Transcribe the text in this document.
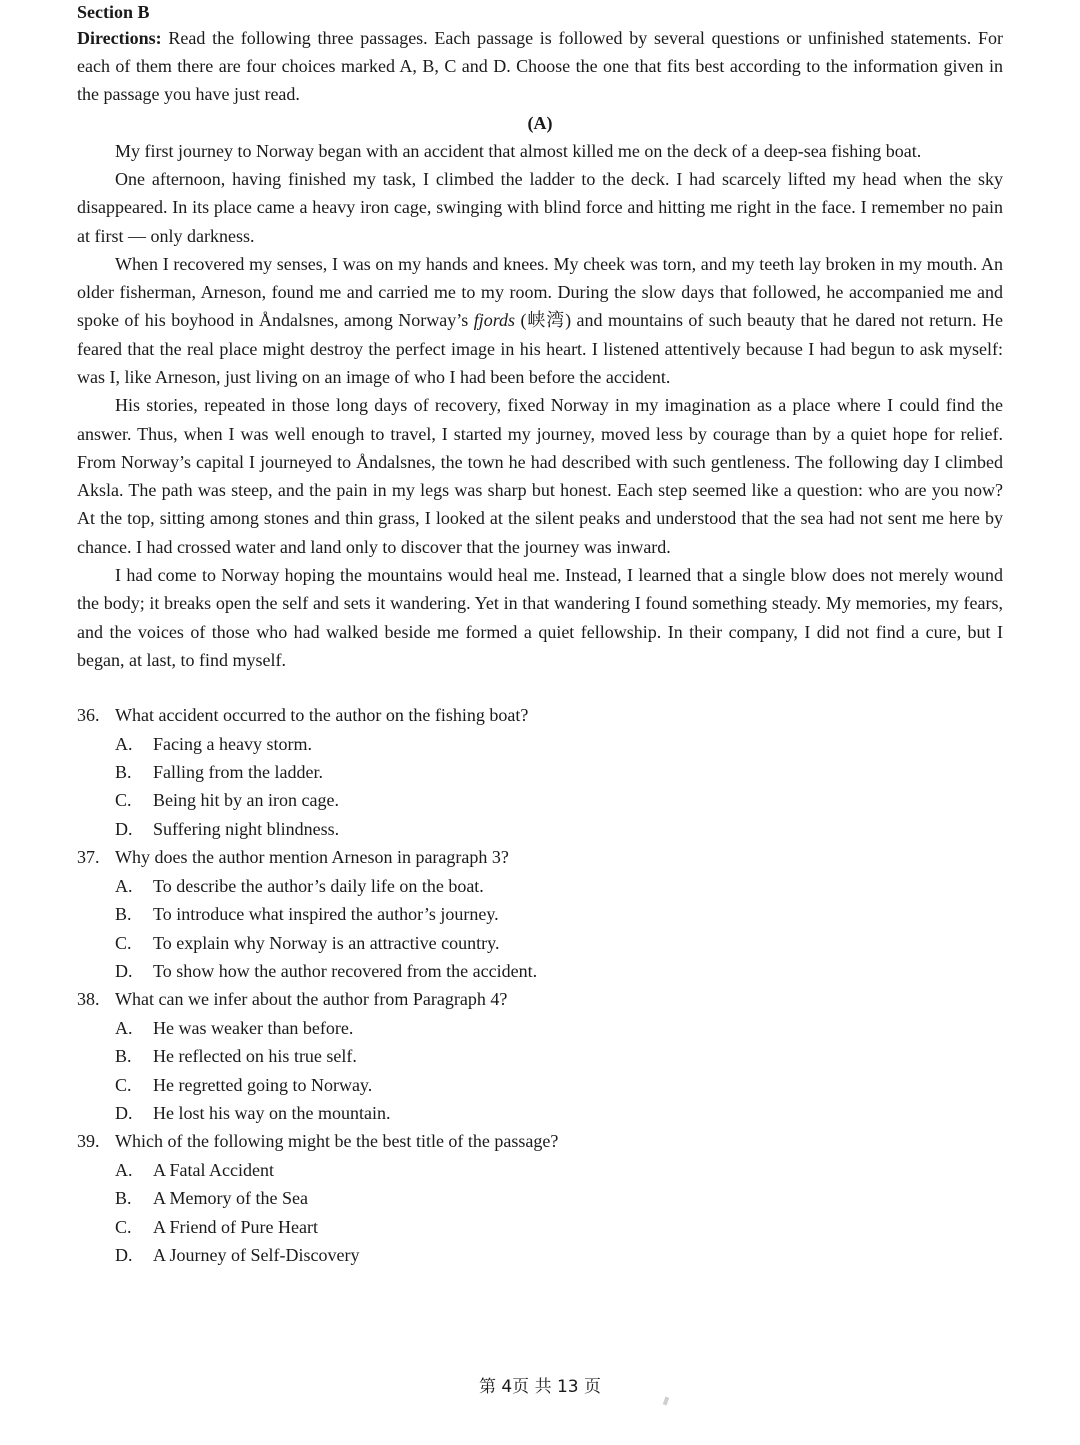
Section B

Directions: Read the following three passages. Each passage is followed by several questions or unfinished statements. For each of them there are four choices marked A, B, C and D. Choose the one that fits best according to the information given in the passage you have just read.

(A)

My first journey to Norway began with an accident that almost killed me on the deck of a deep-sea fishing boat.

One afternoon, having finished my task, I climbed the ladder to the deck. I had scarcely lifted my head when the sky disappeared. In its place came a heavy iron cage, swinging with blind force and hitting me right in the face. I remember no pain at first — only darkness.

When I recovered my senses, I was on my hands and knees. My cheek was torn, and my teeth lay broken in my mouth. An older fisherman, Arneson, found me and carried me to my room. During the slow days that followed, he accompanied me and spoke of his boyhood in Åndalsnes, among Norway’s fjords (峡湾) and mountains of such beauty that he dared not return. He feared that the real place might destroy the perfect image in his heart. I listened attentively because I had begun to ask myself: was I, like Arneson, just living on an image of who I had been before the accident.

His stories, repeated in those long days of recovery, fixed Norway in my imagination as a place where I could find the answer. Thus, when I was well enough to travel, I started my journey, moved less by courage than by a quiet hope for relief. From Norway’s capital I journeyed to Åndalsnes, the town he had described with such gentleness. The following day I climbed Aksla. The path was steep, and the pain in my legs was sharp but honest. Each step seemed like a question: who are you now? At the top, sitting among stones and thin grass, I looked at the silent peaks and understood that the sea had not sent me here by chance. I had crossed water and land only to discover that the journey was inward.

I had come to Norway hoping the mountains would heal me. Instead, I learned that a single blow does not merely wound the body; it breaks open the self and sets it wandering. Yet in that wandering I found something steady. My memories, my fears, and the voices of those who had walked beside me formed a quiet fellowship. In their company, I did not find a cure, but I began, at last, to find myself.

36. What accident occurred to the author on the fishing boat?
A.	Facing a heavy storm.
B.	Falling from the ladder.
C.	Being hit by an iron cage.
D.	Suffering night blindness.
37. Why does the author mention Arneson in paragraph 3?
A.	To describe the author’s daily life on the boat.
B.	To introduce what inspired the author’s journey.
C.	To explain why Norway is an attractive country.
D.	To show how the author recovered from the accident.
38. What can we infer about the author from Paragraph 4?
A.	He was weaker than before.
B.	He reflected on his true self.
C.	He regretted going to Norway.
D.	He lost his way on the mountain.
39. Which of the following might be the best title of the passage?
A.	A Fatal Accident
B.	A Memory of the Sea
C.	A Friend of Pure Heart
D.	A Journey of Self-Discovery
第 4页 共 13 页
